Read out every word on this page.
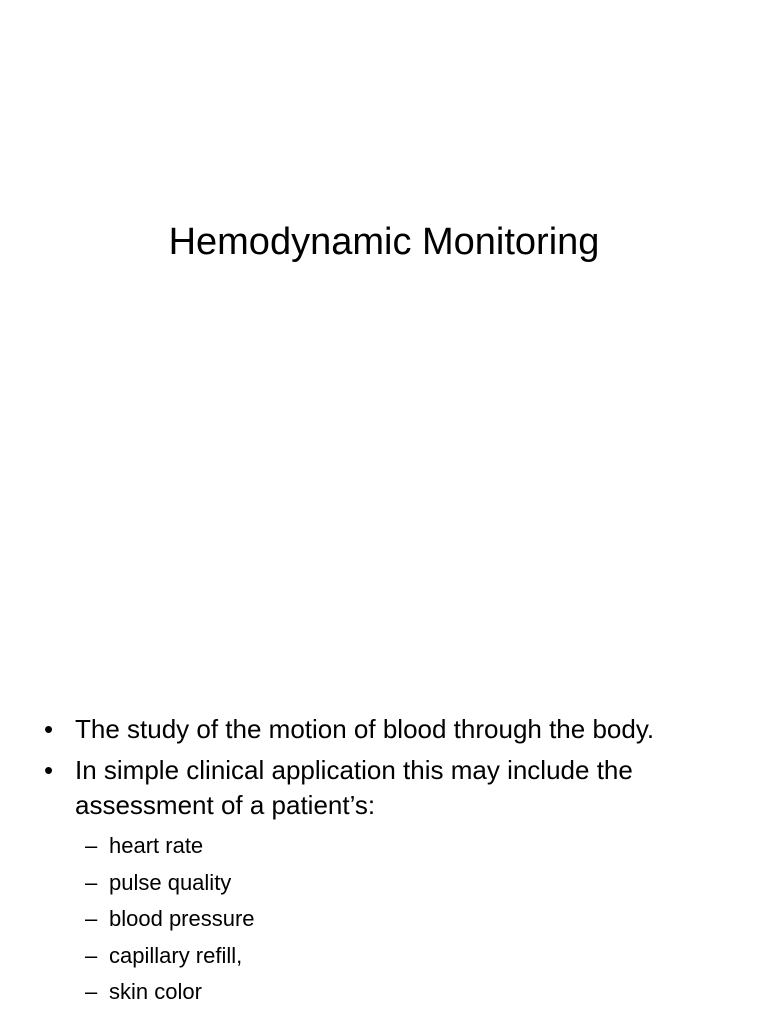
Hemodynamic Monitoring
• The study of the motion of blood through the body.
• In simple clinical application this may include the assessment of a patient’s:
– heart rate
– pulse quality
– blood pressure
– capillary refill,
– skin color
